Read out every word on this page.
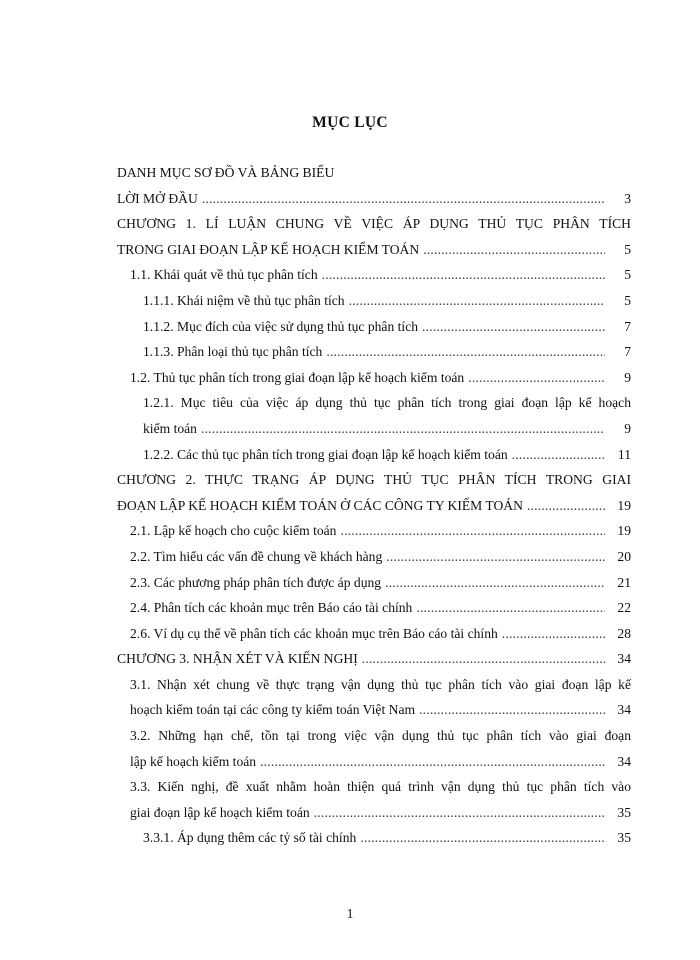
MỤC LỤC
DANH MỤC SƠ ĐỒ VÀ BẢNG BIỂU
LỜI MỞ ĐẦU .....	3
CHƯƠNG 1. LÍ LUẬN CHUNG VỀ VIỆC ÁP DỤNG THỦ TỤC PHÂN TÍCH
TRONG GIAI ĐOẠN LẬP KẾ HOẠCH KIỂM TOÁN .....	5
1.1. Khái quát về thủ tục phân tích .....	5
1.1.1. Khái niệm về thủ tục phân tích .....	5
1.1.2. Mục đích của việc sử dụng thủ tục phân tích .....	7
1.1.3. Phân loại thủ tục phân tích .....	7
1.2. Thủ tục phân tích trong giai đoạn lập kế hoạch kiểm toán .....	9
1.2.1. Mục tiêu của việc áp dụng thủ tục phân tích trong giai đoạn lập kế hoạch
kiểm toán .....	9
1.2.2. Các thủ tục phân tích trong giai đoạn lập kế hoạch kiểm toán .....	11
CHƯƠNG 2. THỰC TRẠNG ÁP DỤNG THỦ TỤC PHÂN TÍCH TRONG GIAI
ĐOẠN LẬP KẾ HOẠCH KIỂM TOÁN Ở CÁC CÔNG TY KIỂM TOÁN .....	19
2.1. Lập kế hoạch cho cuộc kiểm toán .....	19
2.2. Tìm hiểu các vấn đề chung về khách hàng .....	20
2.3. Các phương pháp phân tích được áp dụng .....	21
2.4. Phân tích các khoản mục trên Báo cáo tài chính .....	22
2.6. Ví dụ cụ thể về phân tích các khoản mục trên Báo cáo tài chính .....	28
CHƯƠNG 3. NHẬN XÉT VÀ KIẾN NGHỊ .....	34
3.1. Nhận xét chung về thực trạng vận dụng thủ tục phân tích vào giai đoạn lập kế
hoạch kiểm toán tại các công ty kiểm toán Việt Nam .....	34
3.2. Những hạn chế, tồn tại trong việc vận dụng thủ tục phân tích vào giai đoạn
lập kế hoạch kiểm toán .....	34
3.3. Kiến nghị, đề xuất nhằm hoàn thiện quá trình vận dụng thủ tục phân tích vào
giai đoạn lập kế hoạch kiểm toán .....	35
3.3.1. Áp dụng thêm các tỷ số tài chính .....	35
1
